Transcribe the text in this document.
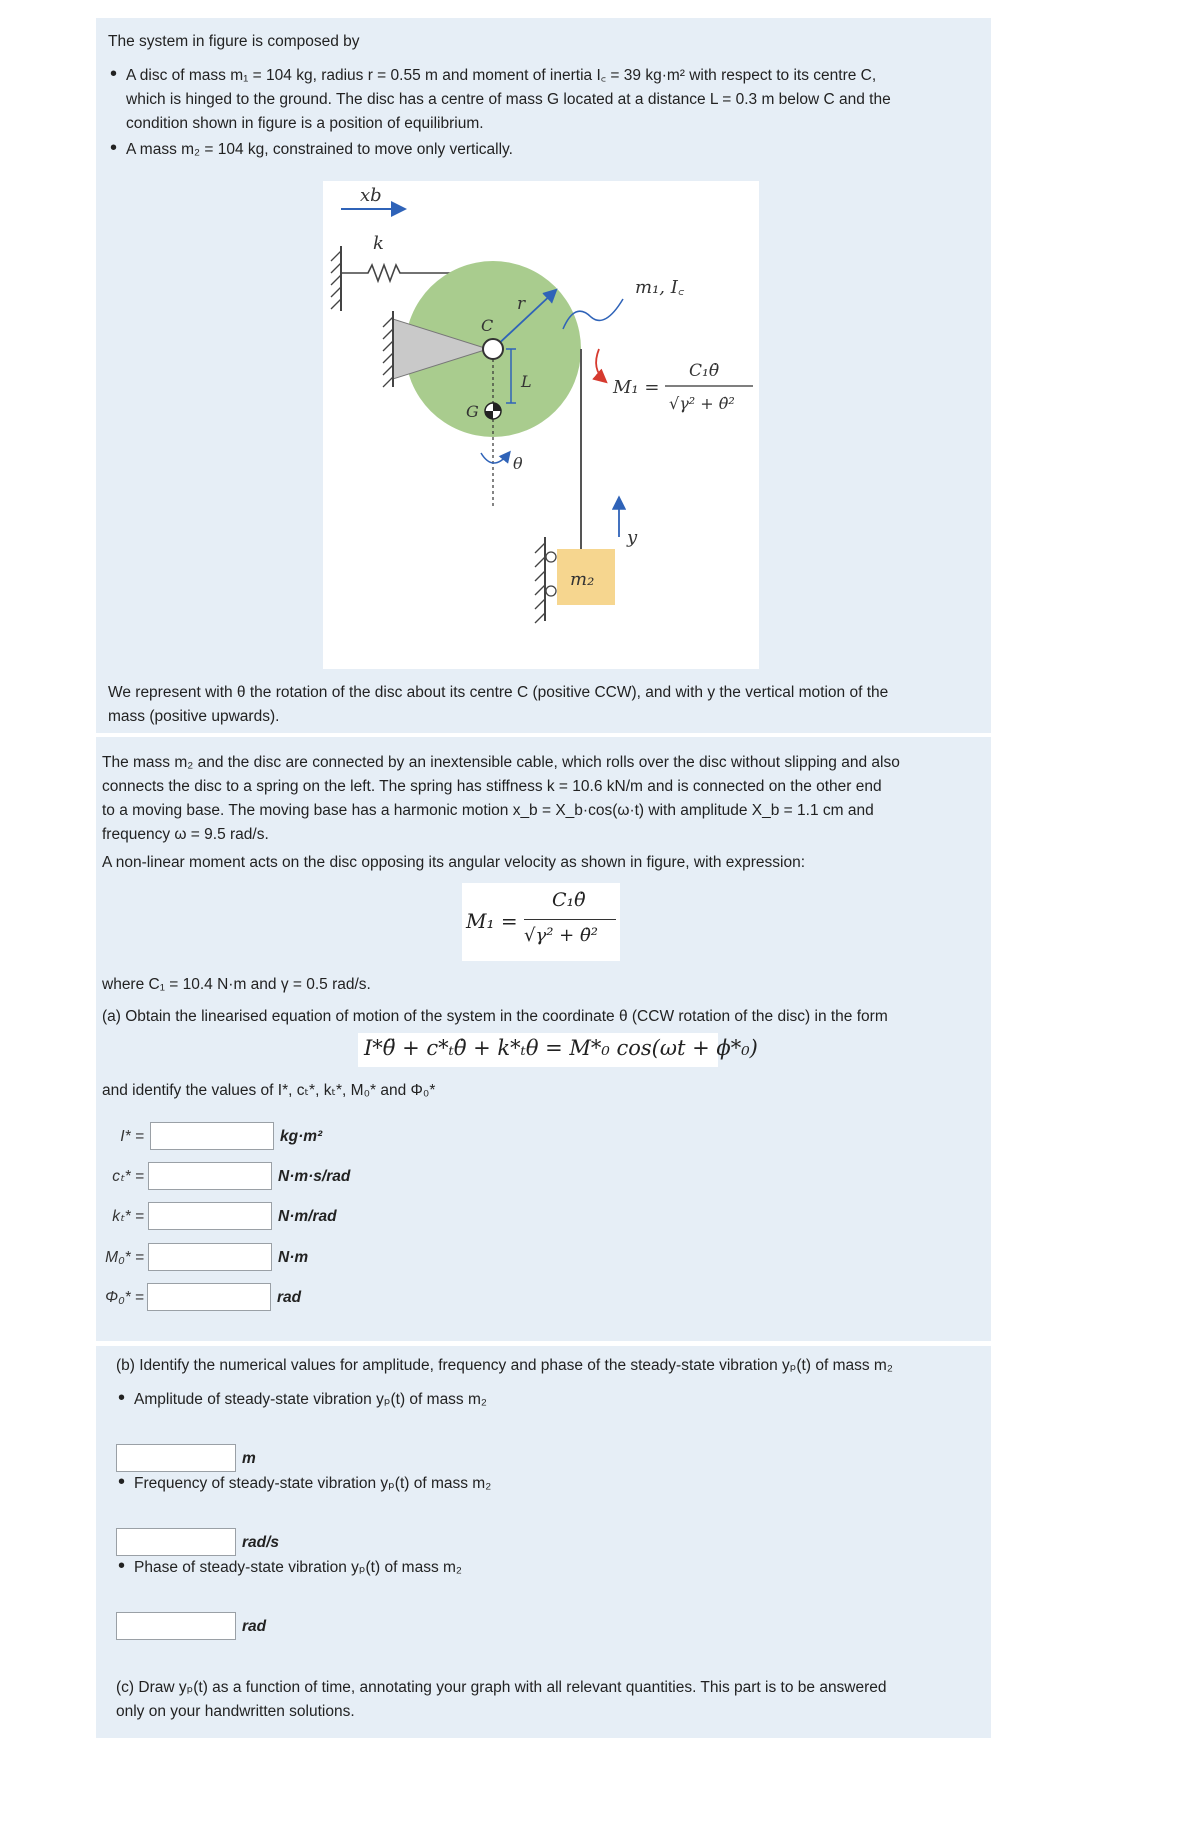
The system in figure is composed by

• A disc of mass m₁ = 104 kg, radius r = 0.55 m and moment of inertia I꜀ = 39 kg·m² with respect to its centre C,

which is hinged to the ground. The disc has a centre of mass G located at a distance L = 0.3 m below C and the

condition shown in figure is a position of equilibrium.

• A mass m₂ = 104 kg, constrained to move only vertically.

We represent with θ the rotation of the disc about its centre C (positive CCW), and with y the vertical motion of the

mass (positive upwards).

xb
k
r
C
L
G
θ
m₁, I꜀
M₁ =
C₁θ̇
√γ² + θ̇²
y
m₂

The mass m₂ and the disc are connected by an inextensible cable, which rolls over the disc without slipping and also

connects the disc to a spring on the left. The spring has stiffness k = 10.6 kN/m and is connected on the other end

to a moving base. The moving base has a harmonic motion x_b = X_b·cos(ω·t) with amplitude X_b = 1.1 cm and

frequency ω = 9.5 rad/s.

A non-linear moment acts on the disc opposing its angular velocity as shown in figure, with expression:

M₁ =
C₁θ̇
√γ² + θ̇²

where C₁ = 10.4 N·m and γ = 0.5 rad/s.

(a) Obtain the linearised equation of motion of the system in the coordinate θ (CCW rotation of the disc) in the form

I*θ̈ + c*ₜθ̇ + k*ₜθ = M*₀ cos(ωt + ϕ*₀)

and identify the values of I*, cₜ*, kₜ*, M₀* and Φ₀*

I* =	kg·m²
cₜ* =	N·m·s/rad
kₜ* =	N·m/rad
M₀* =	N·m
Φ₀* =	rad

(b) Identify the numerical values for amplitude, frequency and phase of the steady-state vibration yₚ(t) of mass m₂

• Amplitude of steady-state vibration yₚ(t) of mass m₂

m
• Frequency of steady-state vibration yₚ(t) of mass m₂

rad/s
• Phase of steady-state vibration yₚ(t) of mass m₂

rad

(c) Draw yₚ(t) as a function of time, annotating your graph with all relevant quantities. This part is to be answered

only on your handwritten solutions.
